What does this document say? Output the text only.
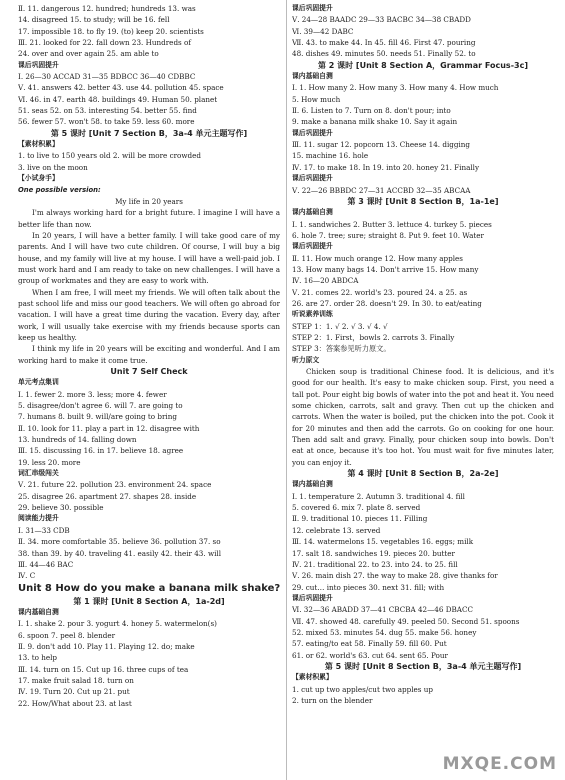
Ⅱ. 11. dangerous 12. hundred; hundreds 13. was
14. disagreed 15. to study; will be 16. fell
17. impossible 18. to fly 19. (to) keep 20. scientists
Ⅲ. 21. looked for 22. fall down 23. Hundreds of
24. over and over again 25. am able to
课后巩固提升
Ⅰ. 26—30 ACCAD 31—35 BDBCC 36—40 CDBBC
Ⅴ. 41. answers 42. better 43. use 44. pollution 45. space
Ⅵ. 46. in 47. earth 48. buildings 49. Human 50. planet
51. seas 52. on 53. interesting 54. better 55. find
56. fewer 57. won't 58. to take 59. less 60. more
第 5 课时 [Unit 7 Section B，3a-4 单元主题写作]
【素材积累】
1. to live to 150 years old 2. will be more crowded
3. live on the moon
【小试身手】
One possible version:
My life in 20 years
I'm always working hard for a bright future. I imagine I will have a better life than now.
In 20 years, I will have a better family. I will take good care of my parents. And I will have two cute children. Of course, I will buy a big house, and my family will live at my house. I will have a well-paid job. I must work hard and I am ready to take on new challenges. I will have a group of workmates and they are easy to work with.
When I am free, I will meet my friends. We will often talk about the past school life and miss our good teachers. We will often go abroad for vacation. I will have a great time during the vacation. Every day, after work, I will usually take exercise with my friends because sports can keep us healthy.
I think my life in 20 years will be exciting and wonderful. And I am working hard to make it come true.
Unit 7 Self Check
单元考点集训
Ⅰ. 1. fewer 2. more 3. less; more 4. fewer
5. disagree/don't agree 6. will 7. are going to
7. humans 8. built 9. will/are going to bring
Ⅱ. 10. look for 11. play a part in 12. disagree with
13. hundreds of 14. falling down
Ⅲ. 15. discussing 16. in 17. believe 18. agree
19. less 20. more
词汇串级闯关
Ⅴ. 21. future 22. pollution 23. environment 24. space
25. disagree 26. apartment 27. shapes 28. inside
29. believe 30. possible
阅读能力提升
Ⅰ. 31—33 CDB
Ⅱ. 34. more comfortable 35. believe 36. pollution 37. so
38. than 39. by 40. traveling 41. easily 42. their 43. will
Ⅲ. 44—46 BAC
Ⅳ. C
Unit 8 How do you make a banana milk shake?
第 1 课时 [Unit 8 Section A，1a-2d]
课内基础自测
Ⅰ. 1. shake 2. pour 3. yogurt 4. honey 5. watermelon(s)
6. spoon 7. peel 8. blender
Ⅱ. 9. don't add 10. Play 11. Playing 12. do; make
13. to help
Ⅲ. 14. turn on 15. Cut up 16. three cups of tea
17. make fruit salad 18. turn on
Ⅳ. 19. Turn 20. Cut up 21. put
22. How/What about 23. at last
课后巩固提升
Ⅴ. 24—28 BAADC 29—33 BACBC 34—38 CBADD
Ⅵ. 39—42 DABC
Ⅶ. 43. to make 44. In 45. fill 46. First 47. pouring
48. dishes 49. minutes 50. needs 51. Finally 52. to
第 2 课时 [Unit 8 Section A，Grammar Focus-3c]
课内基础自测
Ⅰ. 1. How many 2. How many 3. How many 4. How much
5. How much
Ⅱ. 6. Listen to 7. Turn on 8. don't pour; into
9. make a banana milk shake 10. Say it again
课后巩固提升
Ⅲ. 11. sugar 12. popcorn 13. Cheese 14. digging
15. machine 16. hole
Ⅳ. 17. to make 18. In 19. into 20. honey 21. Finally
课后巩固提升
Ⅴ. 22—26 BBBDC 27—31 ACCBD 32—35 ABCAA
第 3 课时 [Unit 8 Section B，1a-1e]
课内基础自测
Ⅰ. 1. sandwiches 2. Butter 3. lettuce 4. turkey 5. pieces
6. hole 7. tree; sure; straight 8. Put 9. feet 10. Water
课后巩固提升
Ⅱ. 11. How much orange 12. How many apples
13. How many bags 14. Don't arrive 15. How many
Ⅳ. 16—20 ABDCA
Ⅴ. 21. comes 22. world's 23. poured 24. a 25. as
26. are 27. order 28. doesn't 29. In 30. to eat/eating
听说素养训练
STEP 1：1. √ 2. √ 3. √ 4. √
STEP 2：1. First，bowls 2. carrots 3. Finally
STEP 3：答案参见听力原文。
听力原文
Chicken soup is traditional Chinese food. It is delicious, and it's good for our health. It's easy to make chicken soup. First, you need a tall pot. Pour eight big bowls of water into the pot and heat it. You need some chicken, carrots, salt and gravy. Then cut up the chicken and carrots. When the water is boiled, put the chicken into the pot. Cook it for 20 minutes and then add the carrots. Go on cooking for one hour. Then add salt and gravy. Finally, pour chicken soup into bowls. Don't eat at once, because it's too hot. You must wait for five minutes later, you can enjoy it.
第 4 课时 [Unit 8 Section B，2a-2e]
课内基础自测
Ⅰ. 1. temperature 2. Autumn 3. traditional 4. fill
5. covered 6. mix 7. plate 8. served
Ⅱ. 9. traditional 10. pieces 11. Filling
12. celebrate 13. served
Ⅲ. 14. watermelons 15. vegetables 16. eggs; milk
17. salt 18. sandwiches 19. pieces 20. butter
Ⅳ. 21. traditional 22. to 23. into 24. to 25. fill
Ⅴ. 26. main dish 27. the way to make 28. give thanks for
29. cut… into pieces 30. next 31. fill; with
课后巩固提升
Ⅵ. 32—36 ABADD 37—41 CBCBA 42—46 DBACC
Ⅶ. 47. showed 48. carefully 49. peeled 50. Second 51. spoons
52. mixed 53. minutes 54. dug 55. make 56. honey
57. eating/to eat 58. Finally 59. fill 60. Put
61. or 62. world's 63. cut 64. sent 65. Pour
第 5 课时 [Unit 8 Section B，3a-4 单元主题写作]
【素材积累】
1. cut up two apples/cut two apples up
2. turn on the blender
MXQE.COM
